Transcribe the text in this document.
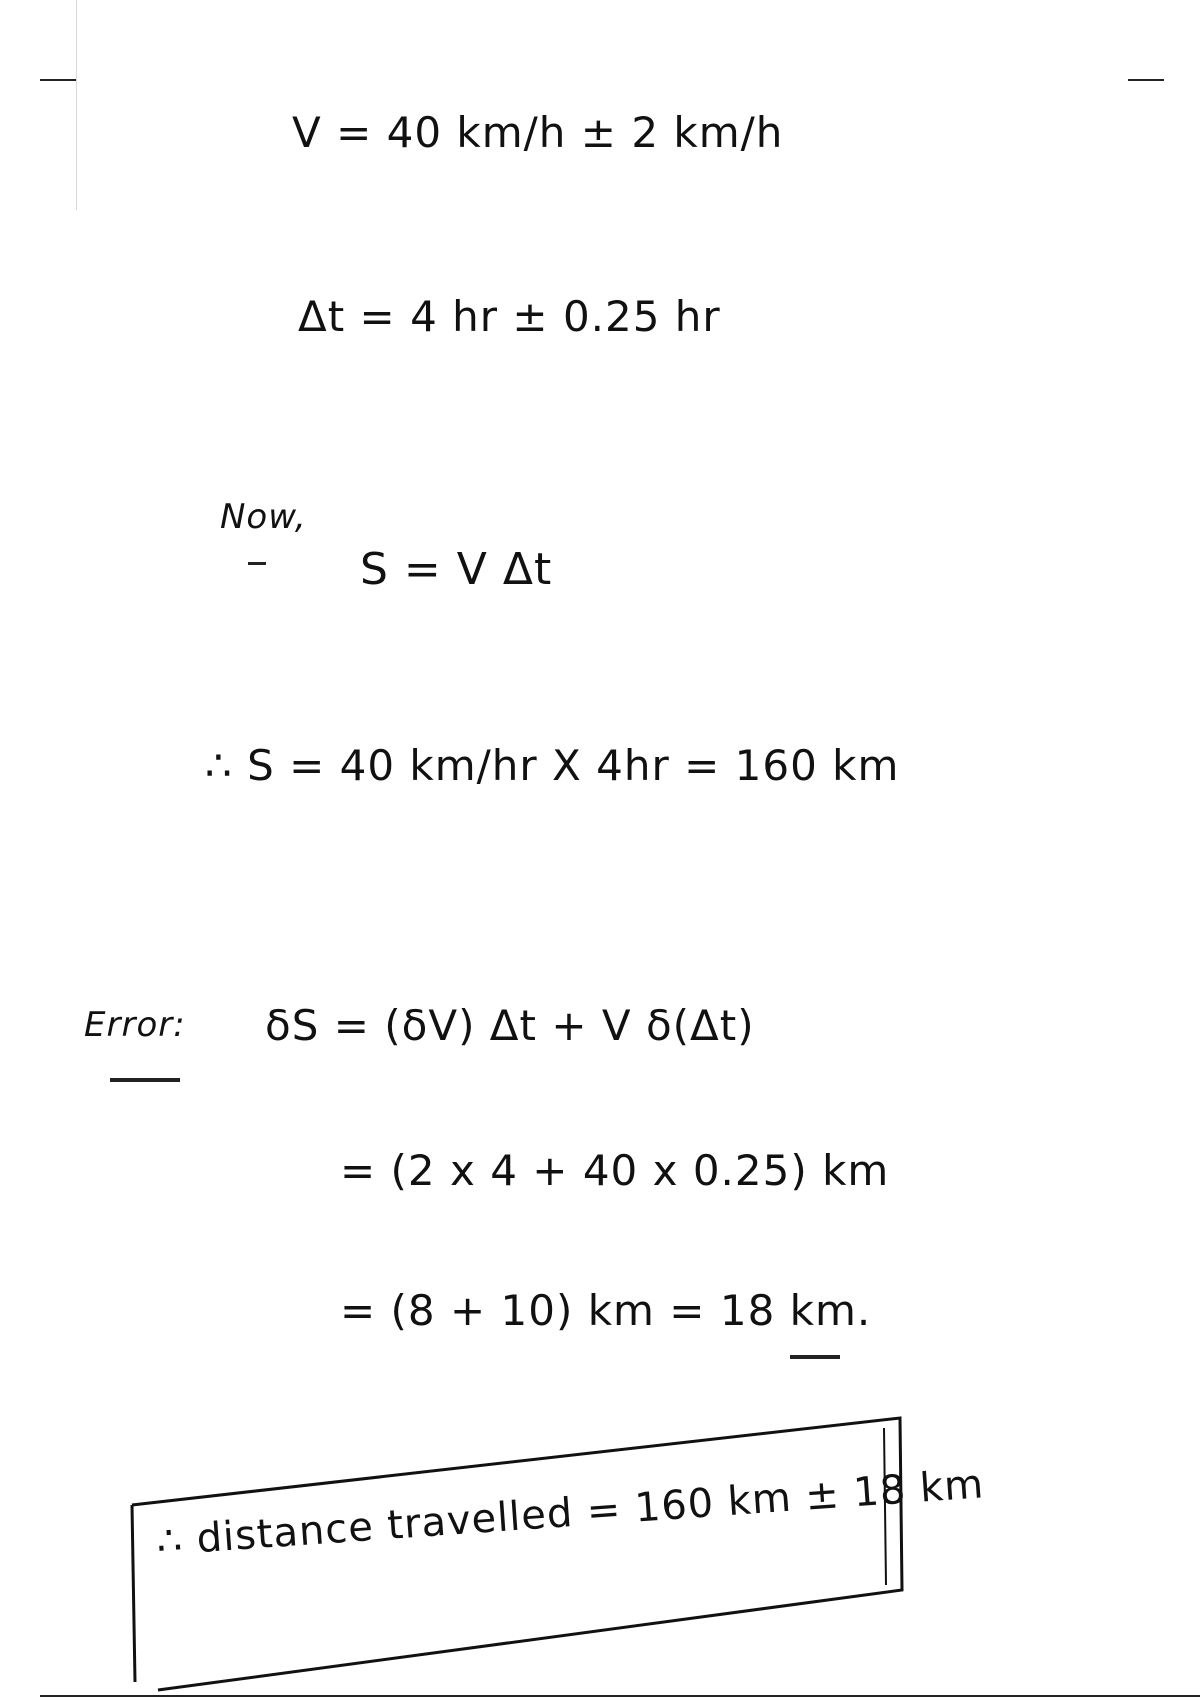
V = 40 km/h ± 2 km/h
Δt = 4 hr ± 0.25 hr
Now,
S = V Δt
∴ S = 40 km/hr X 4hr = 160 km
Error: δS = (δV) Δt + V δ(Δt)
= (2 x 4 + 40 x 0.25) km
= (8 + 10) km = 18 km.
∴ distance travelled = 160 km ± 18 km
